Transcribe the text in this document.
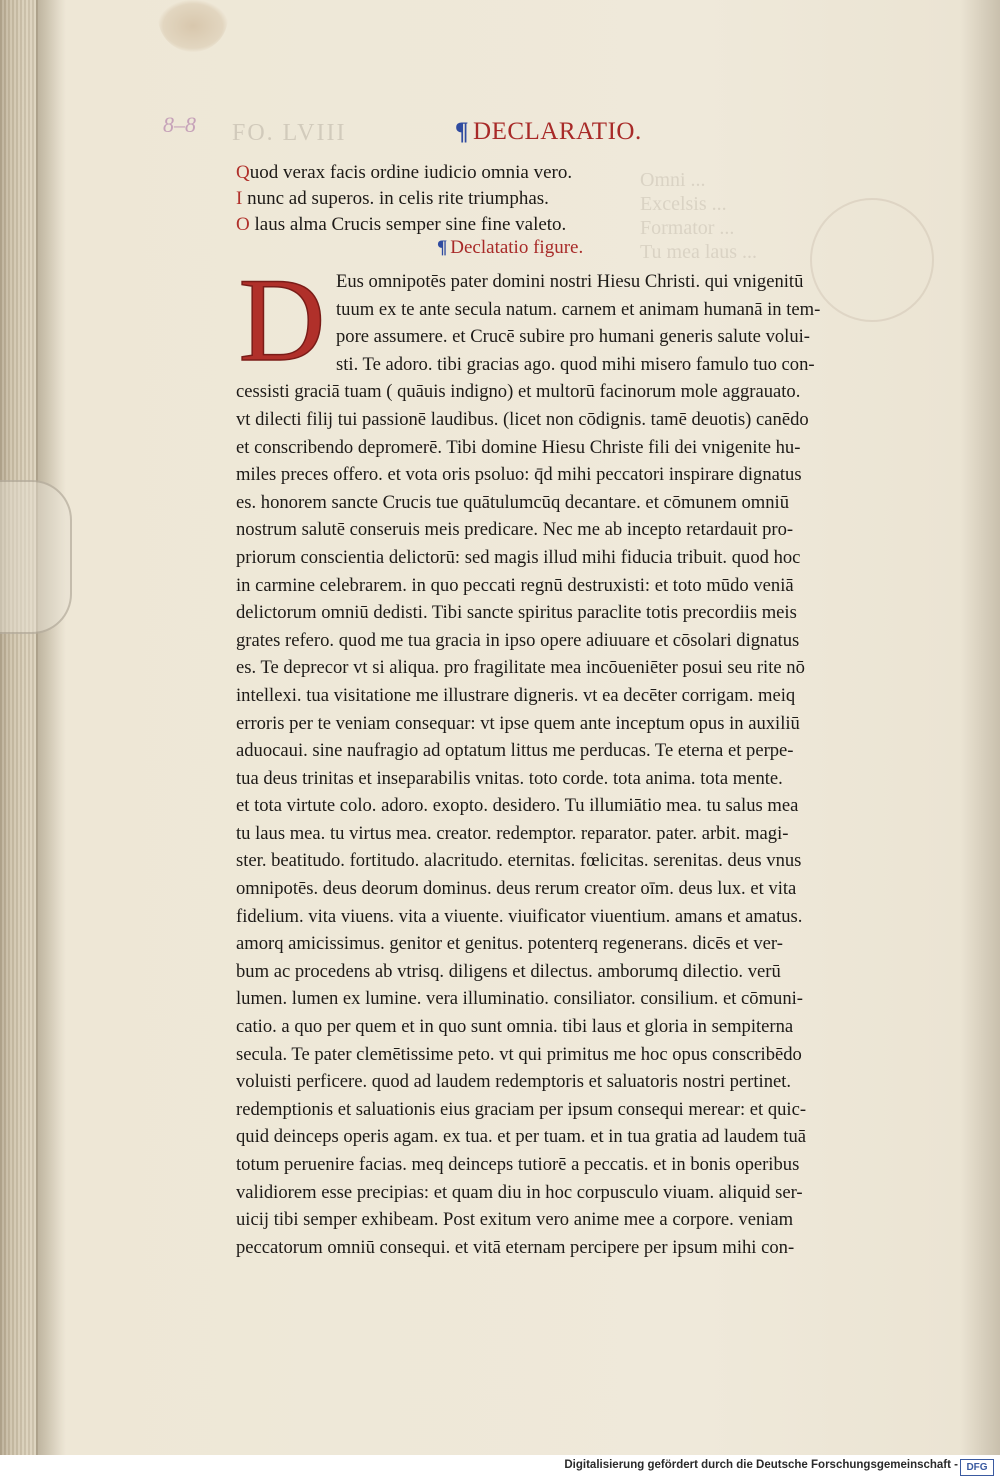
8–8 FO. LVIII
Omni ...
Excelsis ...
Formator ...
Tu mea laus ...
¶ DECLARATIO.
Quod verax facis ordine iudicio omnia vero.
I nunc ad superos. in celis rite triumphas.
O laus alma Crucis semper sine fine valeto.
¶ Declatatio figure.
D Eus omnipotēs pater domini nostri Hiesu Christi. qui vnigenitū
tuum ex te ante secula natum. carnem et animam humanā in tem-
pore assumere. et Crucē subire pro humani generis salute volui-
sti. Te adoro. tibi gracias ago. quod mihi misero famulo tuo con-
cessisti graciā tuam ( quāuis indigno) et multorū facinorum mole aggrauato.
vt dilecti filij tui passionē laudibus. (licet non cōdignis. tamē deuotis) canēdo
et conscribendo depromerē. Tibi domine Hiesu Christe fili dei vnigenite hu-
miles preces offero. et vota oris psoluo: q̄d mihi peccatori inspirare dignatus
es. honorem sancte Crucis tue quātulumcūq decantare. et cōmunem omniū
nostrum salutē conseruis meis predicare. Nec me ab incepto retardauit pro-
priorum conscientia delictorū: sed magis illud mihi fiducia tribuit. quod hoc
in carmine celebrarem. in quo peccati regnū destruxisti: et toto mūdo veniā
delictorum omniū dedisti. Tibi sancte spiritus paraclite totis precordiis meis
grates refero. quod me tua gracia in ipso opere adiuuare et cōsolari dignatus
es. Te deprecor vt si aliqua. pro fragilitate mea incōueniēter posui seu rite nō
intellexi. tua visitatione me illustrare digneris. vt ea decēter corrigam. meiq
erroris per te veniam consequar: vt ipse quem ante inceptum opus in auxiliū
aduocaui. sine naufragio ad optatum littus me perducas. Te eterna et perpe-
tua deus trinitas et inseparabilis vnitas. toto corde. tota anima. tota mente.
et tota virtute colo. adoro. exopto. desidero. Tu illumiātio mea. tu salus mea
tu laus mea. tu virtus mea. creator. redemptor. reparator. pater. arbit. magi-
ster. beatitudo. fortitudo. alacritudo. eternitas. fœlicitas. serenitas. deus vnus
omnipotēs. deus deorum dominus. deus rerum creator oīm. deus lux. et vita
fidelium. vita viuens. vita a viuente. viuificator viuentium. amans et amatus.
amorq amicissimus. genitor et genitus. potenterq regenerans. dicēs et ver-
bum ac procedens ab vtrisq. diligens et dilectus. amborumq dilectio. verū
lumen. lumen ex lumine. vera illuminatio. consiliator. consilium. et cōmuni-
catio. a quo per quem et in quo sunt omnia. tibi laus et gloria in sempiterna
secula. Te pater clemētissime peto. vt qui primitus me hoc opus conscribēdo
voluisti perficere. quod ad laudem redemptoris et saluatoris nostri pertinet.
redemptionis et saluationis eius graciam per ipsum consequi merear: et quic-
quid deinceps operis agam. ex tua. et per tuam. et in tua gratia ad laudem tuā
totum peruenire facias. meq deinceps tutiorē a peccatis. et in bonis operibus
validiorem esse precipias: et quam diu in hoc corpusculo viuam. aliquid ser-
uicij tibi semper exhibeam. Post exitum vero anime mee a corpore. veniam
peccatorum omniū consequi. et vitā eternam percipere per ipsum mihi con-
Digitalisierung gefördert durch die Deutsche Forschungsgemeinschaft - DFG
